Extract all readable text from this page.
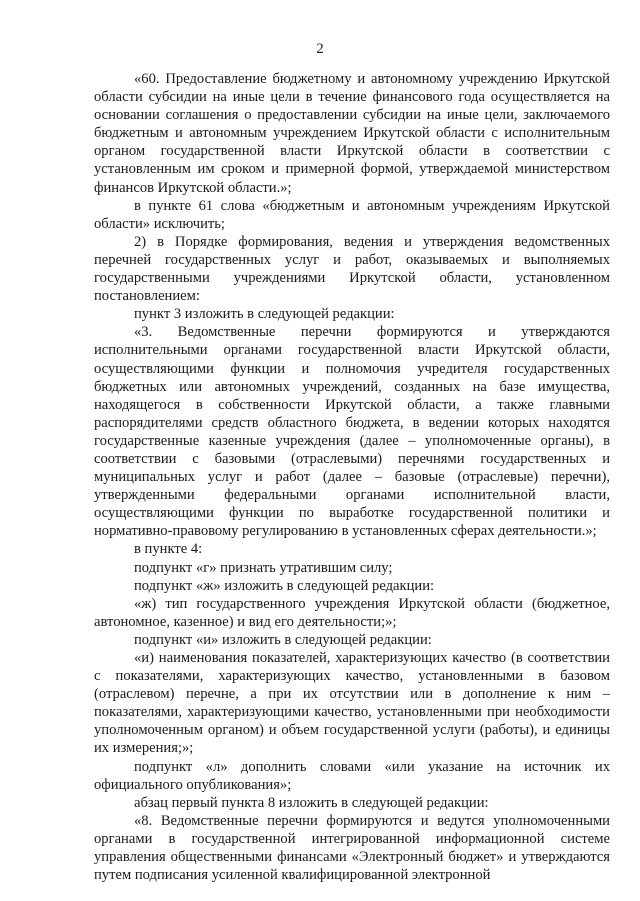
2

«60. Предоставление бюджетному и автономному учреждению Иркутской области субсидии на иные цели в течение финансового года осуществляется на основании соглашения о предоставлении субсидии на иные цели, заключаемого бюджетным и автономным учреждением Иркутской области с исполнительным органом государственной власти Иркутской области в соответствии с установленным им сроком и примерной формой, утверждаемой министерством финансов Иркутской области.»;

в пункте 61 слова «бюджетным и автономным учреждениям Иркутской области» исключить;

2) в Порядке формирования, ведения и утверждения ведомственных перечней государственных услуг и работ, оказываемых и выполняемых государственными учреждениями Иркутской области, установленном постановлением:

пункт 3 изложить в следующей редакции:

«3. Ведомственные перечни формируются и утверждаются исполнительными органами государственной власти Иркутской области, осуществляющими функции и полномочия учредителя государственных бюджетных или автономных учреждений, созданных на базе имущества, находящегося в собственности Иркутской области, а также главными распорядителями средств областного бюджета, в ведении которых находятся государственные казенные учреждения (далее – уполномоченные органы), в соответствии с базовыми (отраслевыми) перечнями государственных и муниципальных услуг и работ (далее – базовые (отраслевые) перечни), утвержденными федеральными органами исполнительной власти, осуществляющими функции по выработке государственной политики и нормативно-правовому регулированию в установленных сферах деятельности.»;

в пункте 4:

подпункт «г» признать утратившим силу;

подпункт «ж» изложить в следующей редакции:

«ж) тип государственного учреждения Иркутской области (бюджетное, автономное, казенное) и вид его деятельности;»;

подпункт «и» изложить в следующей редакции:

«и) наименования показателей, характеризующих качество (в соответствии с показателями, характеризующих качество, установленными в базовом (отраслевом) перечне, а при их отсутствии или в дополнение к ним – показателями, характеризующими качество, установленными при необходимости уполномоченным органом) и объем государственной услуги (работы), и единицы их измерения;»;

подпункт «л» дополнить словами «или указание на источник их официального опубликования»;

абзац первый пункта 8 изложить в следующей редакции:

«8. Ведомственные перечни формируются и ведутся уполномоченными органами в государственной интегрированной информационной системе управления общественными финансами «Электронный бюджет» и утверждаются путем подписания усиленной квалифицированной электронной
